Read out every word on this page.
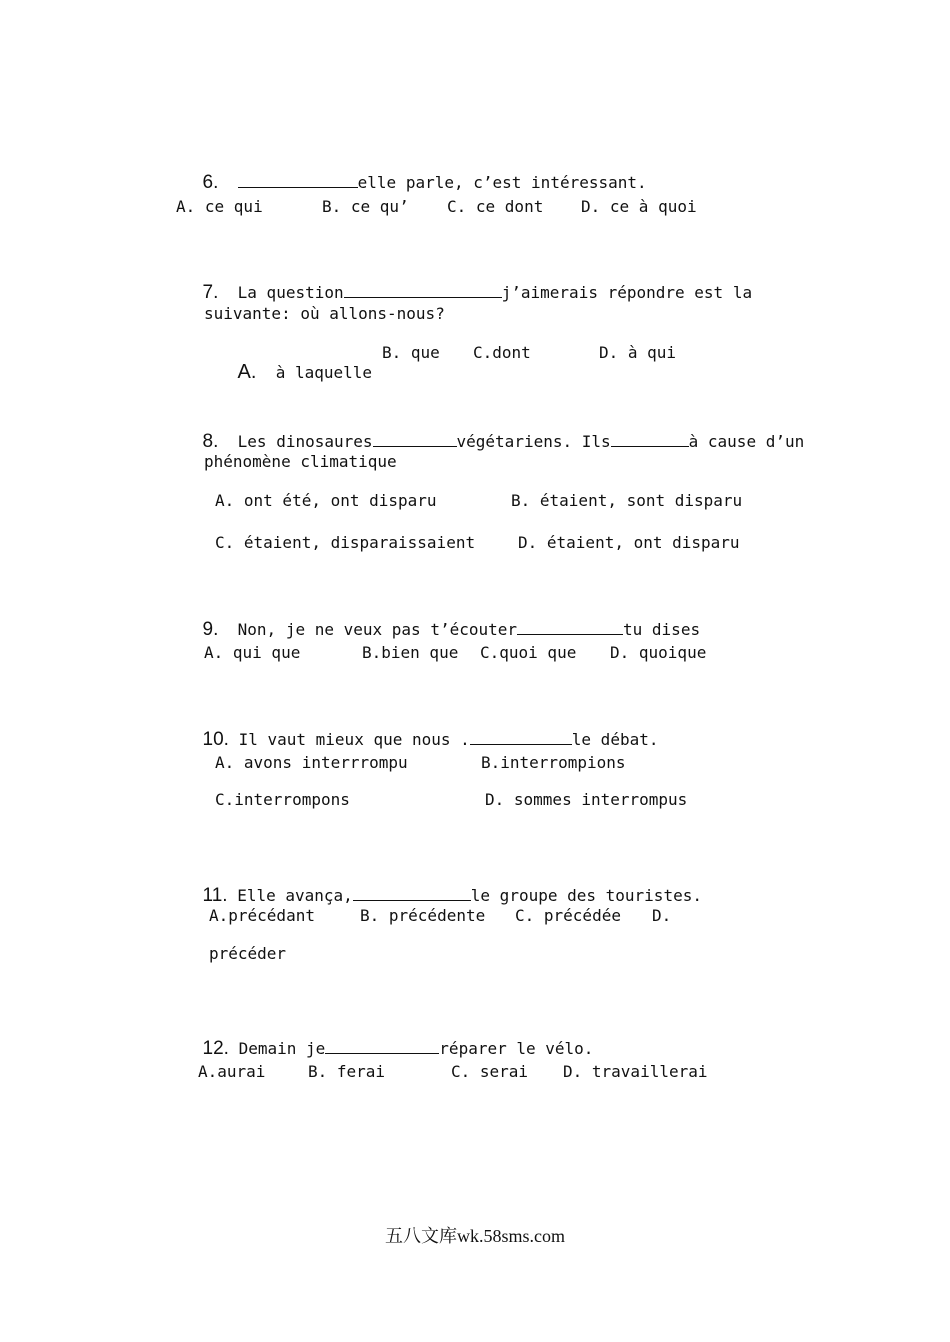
6.	elle parle, c’est intéressant.

A. ce qui	B. ce qu’ C. ce dont D. ce à quoi

7. La question	j’aimerais répondre est la

suivante: où allons-nous?

A. à laquelle

B. que C.dont	D. à qui

8. Les dinosaures	végétariens. Ils	à cause d’un

phénomène climatique
A. ont été, ont disparu	B. étaient, sont disparu
C. étaient, disparaissaient	D. étaient, ont disparu

9. Non, je ne veux pas t’écouter	tu dises

A. qui que	B.bien que C.quoi que D. quoique

10. Il vaut mieux que nous .	le débat.

A. avons interrrompu	B.interrompions
C.interrompons	D. sommes interrompus

11. Elle avança,	le groupe des touristes.

A.précédant	B. précédente C. précédée D.
précéder

12. Demain je	réparer le vélo.

A.aurai	B. ferai	C. serai D. travaillerai
五八文库wk.58sms.com
